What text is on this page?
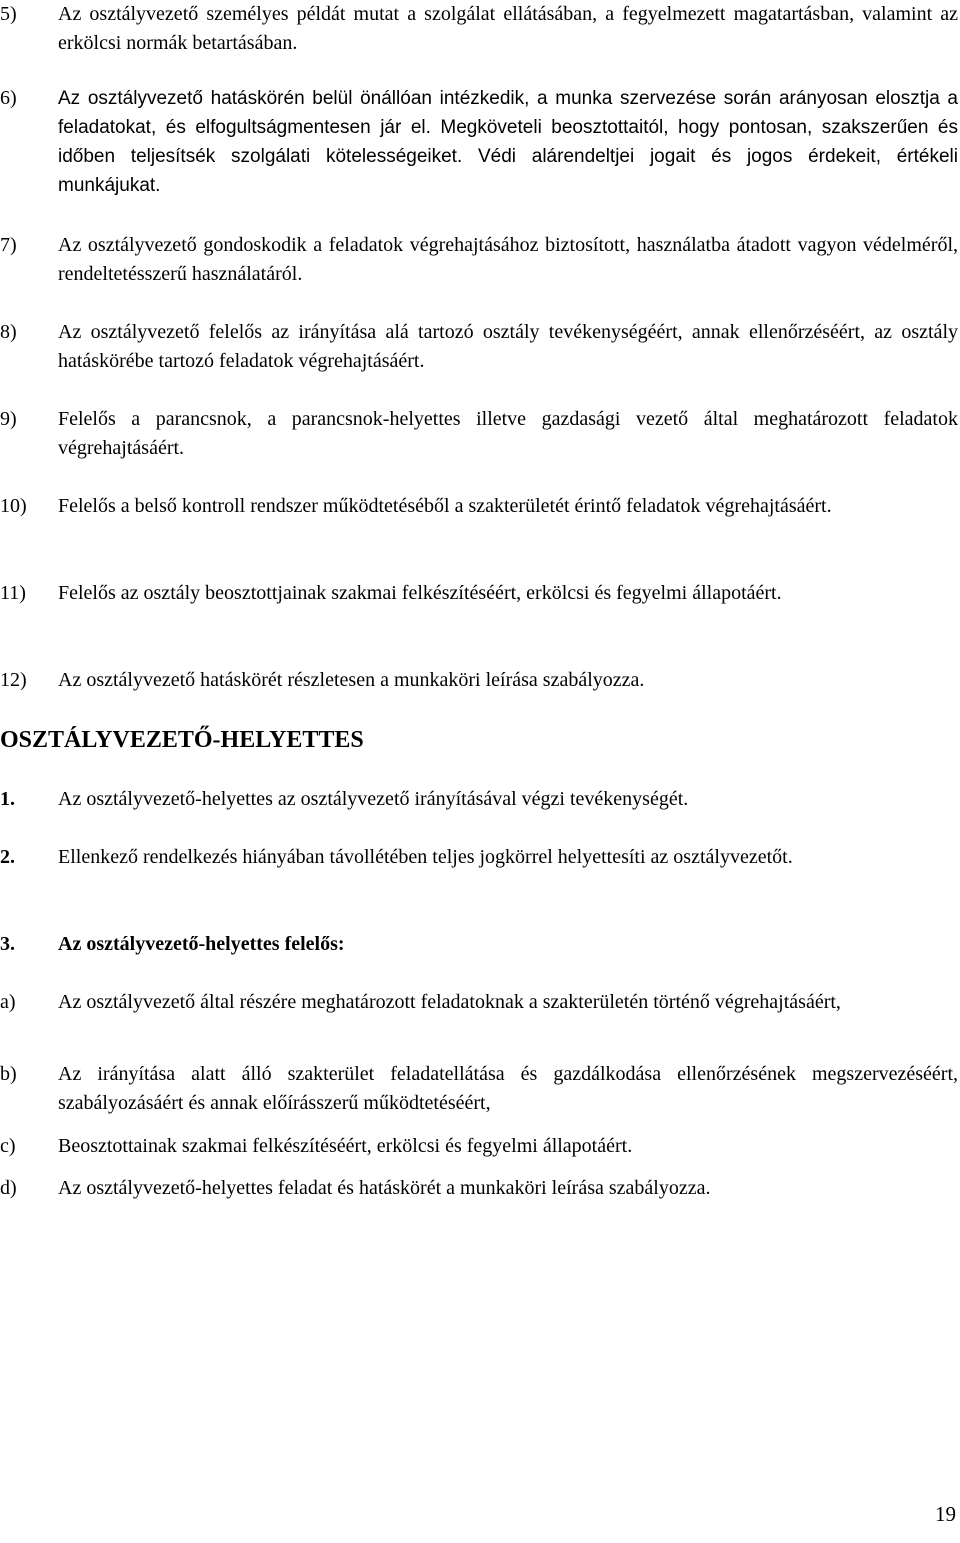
5)	Az osztályvezető személyes példát mutat a szolgálat ellátásában, a fegyelmezett magatartásban, valamint az erkölcsi normák betartásában.
6)	Az osztályvezető hatáskörén belül önállóan intézkedik, a munka szervezése során arányosan elosztja a feladatokat, és elfogultságmentesen jár el. Megköveteli beosztottaitól, hogy pontosan, szakszerűen és időben teljesítsék szolgálati kötelességeiket. Védi alárendeltjei jogait és jogos érdekeit, értékeli munkájukat.
7)	Az osztályvezető gondoskodik a feladatok végrehajtásához biztosított, használatba átadott vagyon védelméről, rendeltetésszerű használatáról.
8)	Az osztályvezető felelős az irányítása alá tartozó osztály tevékenységéért, annak ellenőrzéséért, az osztály hatáskörébe tartozó feladatok végrehajtásáért.
9)	Felelős a parancsnok, a parancsnok-helyettes illetve gazdasági vezető által meghatározott feladatok végrehajtásáért.
10)	Felelős a belső kontroll rendszer működtetéséből a szakterületét érintő feladatok végrehajtásáért.
11)	Felelős az osztály beosztottjainak szakmai felkészítéséért, erkölcsi és fegyelmi állapotáért.
12)	Az osztályvezető hatáskörét részletesen a munkaköri leírása szabályozza.
OSZTÁLYVEZETŐ-HELYETTES
1.	Az osztályvezető-helyettes az osztályvezető irányításával végzi tevékenységét.
2.	Ellenkező rendelkezés hiányában távollétében teljes jogkörrel helyettesíti az osztályvezetőt.
3.	Az osztályvezető-helyettes felelős:
a)	Az osztályvezető által részére meghatározott feladatoknak a szakterületén történő végrehajtásáért,
b)	Az irányítása alatt álló szakterület feladatellátása és gazdálkodása ellenőrzésének megszervezéséért, szabályozásáért és annak előírásszerű működtetéséért,
c)	Beosztottainak szakmai felkészítéséért, erkölcsi és fegyelmi állapotáért.
d)	Az osztályvezető-helyettes feladat és hatáskörét a munkaköri leírása szabályozza.
19
